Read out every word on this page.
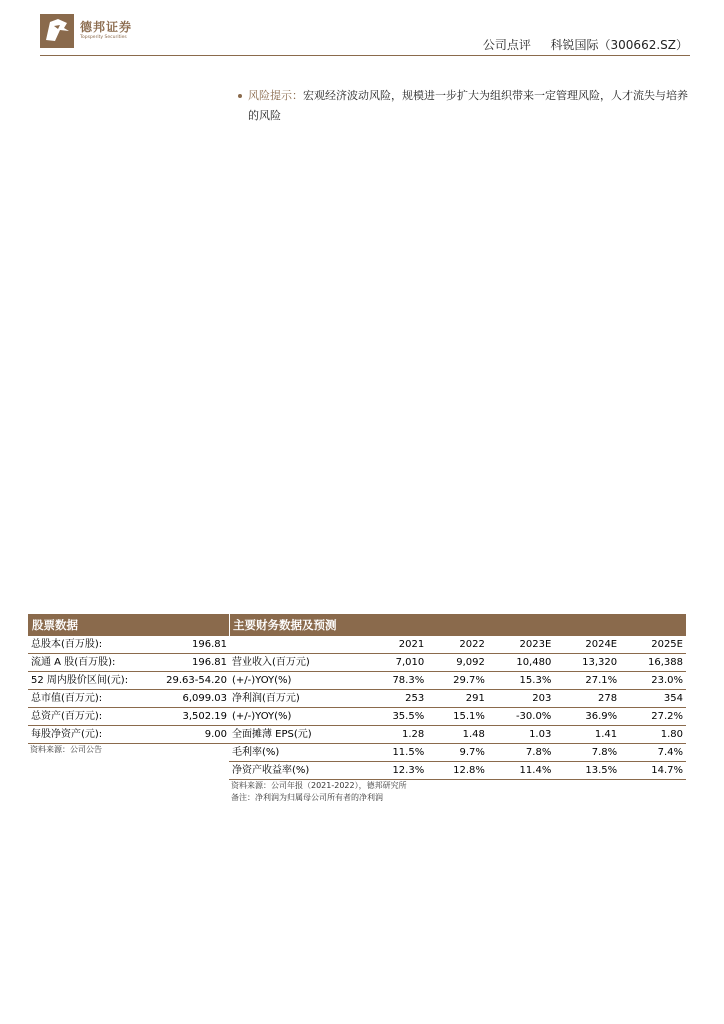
德邦证券
Topsperity Securities
公司点评 科锐国际（300662.SZ）
风险提示：宏观经济波动风险，规模进一步扩大为组织带来一定管理风险，人才流失与培养的风险
股票数据
总股本(百万股):	196.81
流通 A 股(百万股):	196.81
52 周内股价区间(元):	29.63-54.20
总市值(百万元):	6,099.03
总资产(百万元):	3,502.19
每股净资产(元):	9.00
资料来源：公司公告
主要财务数据及预测
	2021	2022	2023E	2024E	2025E
营业收入(百万元)	7,010	9,092	10,480	13,320	16,388
(+/-)YOY(%)	78.3%	29.7%	15.3%	27.1%	23.0%
净利润(百万元)	253	291	203	278	354
(+/-)YOY(%)	35.5%	15.1%	-30.0%	36.9%	27.2%
全面摊薄 EPS(元)	1.28	1.48	1.03	1.41	1.80
毛利率(%)	11.5%	9.7%	7.8%	7.8%	7.4%
净资产收益率(%)	12.3%	12.8%	11.4%	13.5%	14.7%
资料来源：公司年报（2021-2022），德邦研究所
备注：净利润为归属母公司所有者的净利润
